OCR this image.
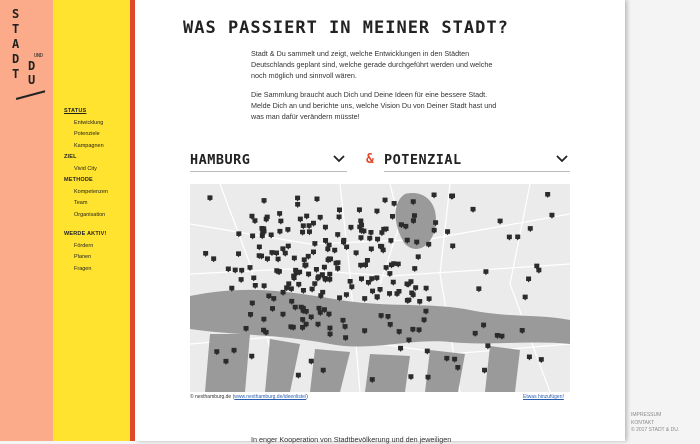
S
T
A
D
T
UND
D
U
STATUS
Entwicklung
Potenziele
Kampagnen
ZIEL
Vivid City
METHODE
Kompetenzen
Team
Organisation
WERDE AKTIV!
Fördern
Planen
Fragen
WAS PASSIERT IN MEINER STADT?

Stadt & Du sammelt und zeigt, welche Entwicklungen in den Städten Deutschlands geplant sind, welche gerade durchgeführt werden und welche noch möglich und sinnvoll wären.

Die Sammlung braucht auch Dich und Deine Ideen für eine bessere Stadt. Melde Dich an und berichte uns, welche Vision Du von Deiner Stadt hast und was man dafür verändern müsste!

HAMBURG	& POTENZIAL
© nexthamburg.de (www.nexthamburg.de/ideenliste/)	Etwas hinzufügen!
In enger Kooperation von Stadtbevölkerung und den jeweiligen
IMPRESSUM
KONTAKT
© 2017 STADT & DU.
